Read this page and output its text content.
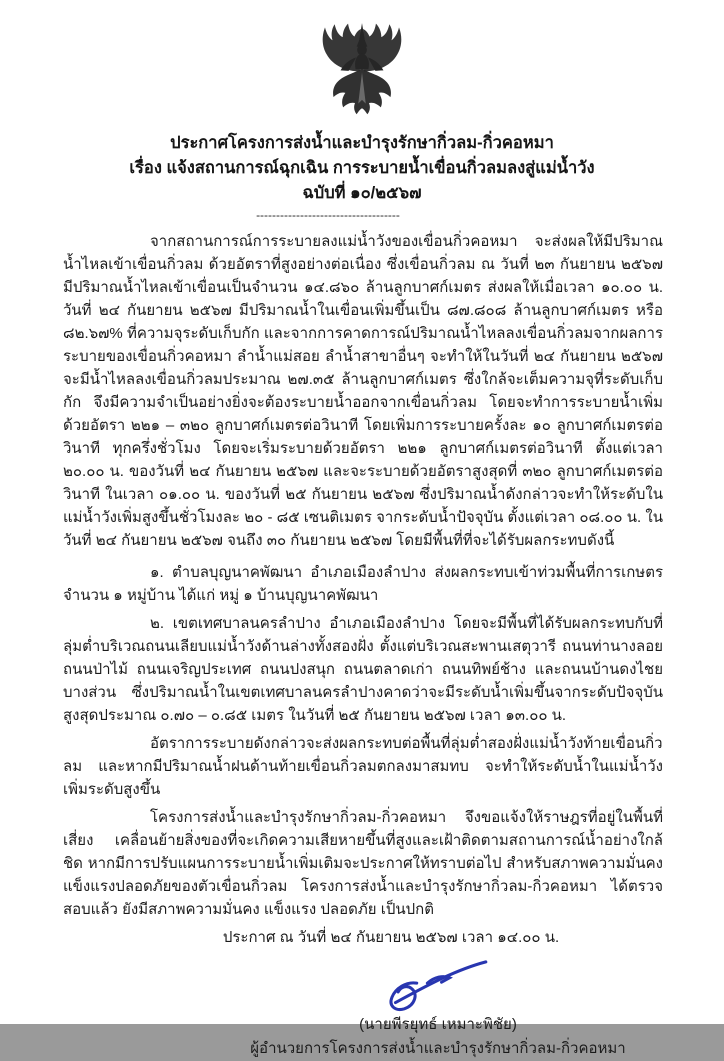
ประกาศโครงการส่งน้ำและบำรุงรักษากิ่วลม-กิ่วคอหมา
เรื่อง แจ้งสถานการณ์ฉุกเฉิน การระบายน้ำเขื่อนกิ่วลมลงสู่แม่น้ำวัง
ฉบับที่ ๑๐/๒๕๖๗
------------------------------------

จากสถานการณ์การระบายลงแม่น้ำวังของเขื่อนกิ่วคอหมา จะส่งผลให้มีปริมาณน้ำไหลเข้าเขื่อนกิ่วลม ด้วยอัตราที่สูงอย่างต่อเนื่อง ซึ่งเขื่อนกิ่วลม ณ วันที่ ๒๓ กันยายน ๒๕๖๗ มีปริมาณน้ำไหลเข้าเขื่อนเป็นจำนวน ๑๔.๘๖๐ ล้านลูกบาศก์เมตร ส่งผลให้เมื่อเวลา ๑๐.๐๐ น. วันที่ ๒๔ กันยายน ๒๕๖๗ มีปริมาณน้ำในเขื่อนเพิ่มขึ้นเป็น ๘๗.๘๐๘ ล้านลูกบาศก์เมตร หรือ ๘๒.๖๗% ที่ความจุระดับเก็บกัก และจากการคาดการณ์ปริมาณน้ำไหลลงเขื่อนกิ่วลมจากผลการระบายของเขื่อนกิ่วคอหมา ลำน้ำแม่สอย ลำน้ำสาขาอื่นๆ จะทำให้ในวันที่ ๒๔ กันยายน ๒๕๖๗ จะมีน้ำไหลลงเขื่อนกิ่วลมประมาณ ๒๗.๓๕ ล้านลูกบาศก์เมตร ซึ่งใกล้จะเต็มความจุที่ระดับเก็บกัก จึงมีความจำเป็นอย่างยิ่งจะต้องระบายน้ำออกจากเขื่อนกิ่วลม โดยจะทำการระบายน้ำเพิ่มด้วยอัตรา ๒๒๑ – ๓๒๐ ลูกบาศก์เมตรต่อวินาที โดยเพิ่มการระบายครั้งละ ๑๐ ลูกบาศก์เมตรต่อวินาที ทุกครึ่งชั่วโมง โดยจะเริ่มระบายด้วยอัตรา ๒๒๑ ลูกบาศก์เมตรต่อวินาที ตั้งแต่เวลา ๒๐.๐๐ น. ของวันที่ ๒๔ กันยายน ๒๕๖๗ และจะระบายด้วยอัตราสูงสุดที่ ๓๒๐ ลูกบาศก์เมตรต่อวินาที ในเวลา ๐๑.๐๐ น. ของวันที่ ๒๕ กันยายน ๒๕๖๗ ซึ่งปริมาณน้ำดังกล่าวจะทำให้ระดับในแม่น้ำวังเพิ่มสูงขึ้นชั่วโมงละ ๒๐ - ๘๕ เซนติเมตร จากระดับน้ำปัจจุบัน ตั้งแต่เวลา ๐๘.๐๐ น. ในวันที่ ๒๔ กันยายน ๒๕๖๗ จนถึง ๓๐ กันยายน ๒๕๖๗ โดยมีพื้นที่ที่จะได้รับผลกระทบดังนี้

๑. ตำบลบุญนาคพัฒนา อำเภอเมืองลำปาง ส่งผลกระทบเข้าท่วมพื้นที่การเกษตร จำนวน ๑ หมู่บ้าน ได้แก่ หมู่ ๑ บ้านบุญนาคพัฒนา

๒. เขตเทศบาลนครลำปาง อำเภอเมืองลำปาง โดยจะมีพื้นที่ได้รับผลกระทบกับที่ลุ่มต่ำบริเวณถนนเลียบแม่น้ำวังด้านล่างทั้งสองฝั่ง ตั้งแต่บริเวณสะพานเสตุวารี ถนนท่านางลอย ถนนป่าไม้ ถนนเจริญประเทศ ถนนปงสนุก ถนนตลาดเก่า ถนนทิพย์ช้าง และถนนบ้านดงไชยบางส่วน ซึ่งปริมาณน้ำในเขตเทศบาลนครลำปางคาดว่าจะมีระดับน้ำเพิ่มขึ้นจากระดับปัจจุบันสูงสุดประมาณ ๐.๗๐ – ๐.๘๕ เมตร ในวันที่ ๒๕ กันยายน ๒๕๖๗ เวลา ๑๓.๐๐ น.

อัตราการระบายดังกล่าวจะส่งผลกระทบต่อพื้นที่ลุ่มต่ำสองฝั่งแม่น้ำวังท้ายเขื่อนกิ่วลม และหากมีปริมาณน้ำฝนด้านท้ายเขื่อนกิ่วลมตกลงมาสมทบ จะทำให้ระดับน้ำในแม่น้ำวังเพิ่มระดับสูงขึ้น

โครงการส่งน้ำและบำรุงรักษากิ่วลม-กิ่วคอหมา จึงขอแจ้งให้ราษฎรที่อยู่ในพื้นที่เสี่ยง เคลื่อนย้ายสิ่งของที่จะเกิดความเสียหายขึ้นที่สูงและเฝ้าติดตามสถานการณ์น้ำอย่างใกล้ชิด หากมีการปรับแผนการระบายน้ำเพิ่มเติมจะประกาศให้ทราบต่อไป สำหรับสภาพความมั่นคงแข็งแรงปลอดภัยของตัวเขื่อนกิ่วลม โครงการส่งน้ำและบำรุงรักษากิ่วลม-กิ่วคอหมา ได้ตรวจสอบแล้ว ยังมีสภาพความมั่นคง แข็งแรง ปลอดภัย เป็นปกติ

ประกาศ ณ วันที่ ๒๔ กันยายน ๒๕๖๗ เวลา ๑๔.๐๐ น.

(นายพีรยุทธ์ เหมาะพิชัย)
ผู้อำนวยการโครงการส่งน้ำและบำรุงรักษากิ่วลม-กิ่วคอหมา
